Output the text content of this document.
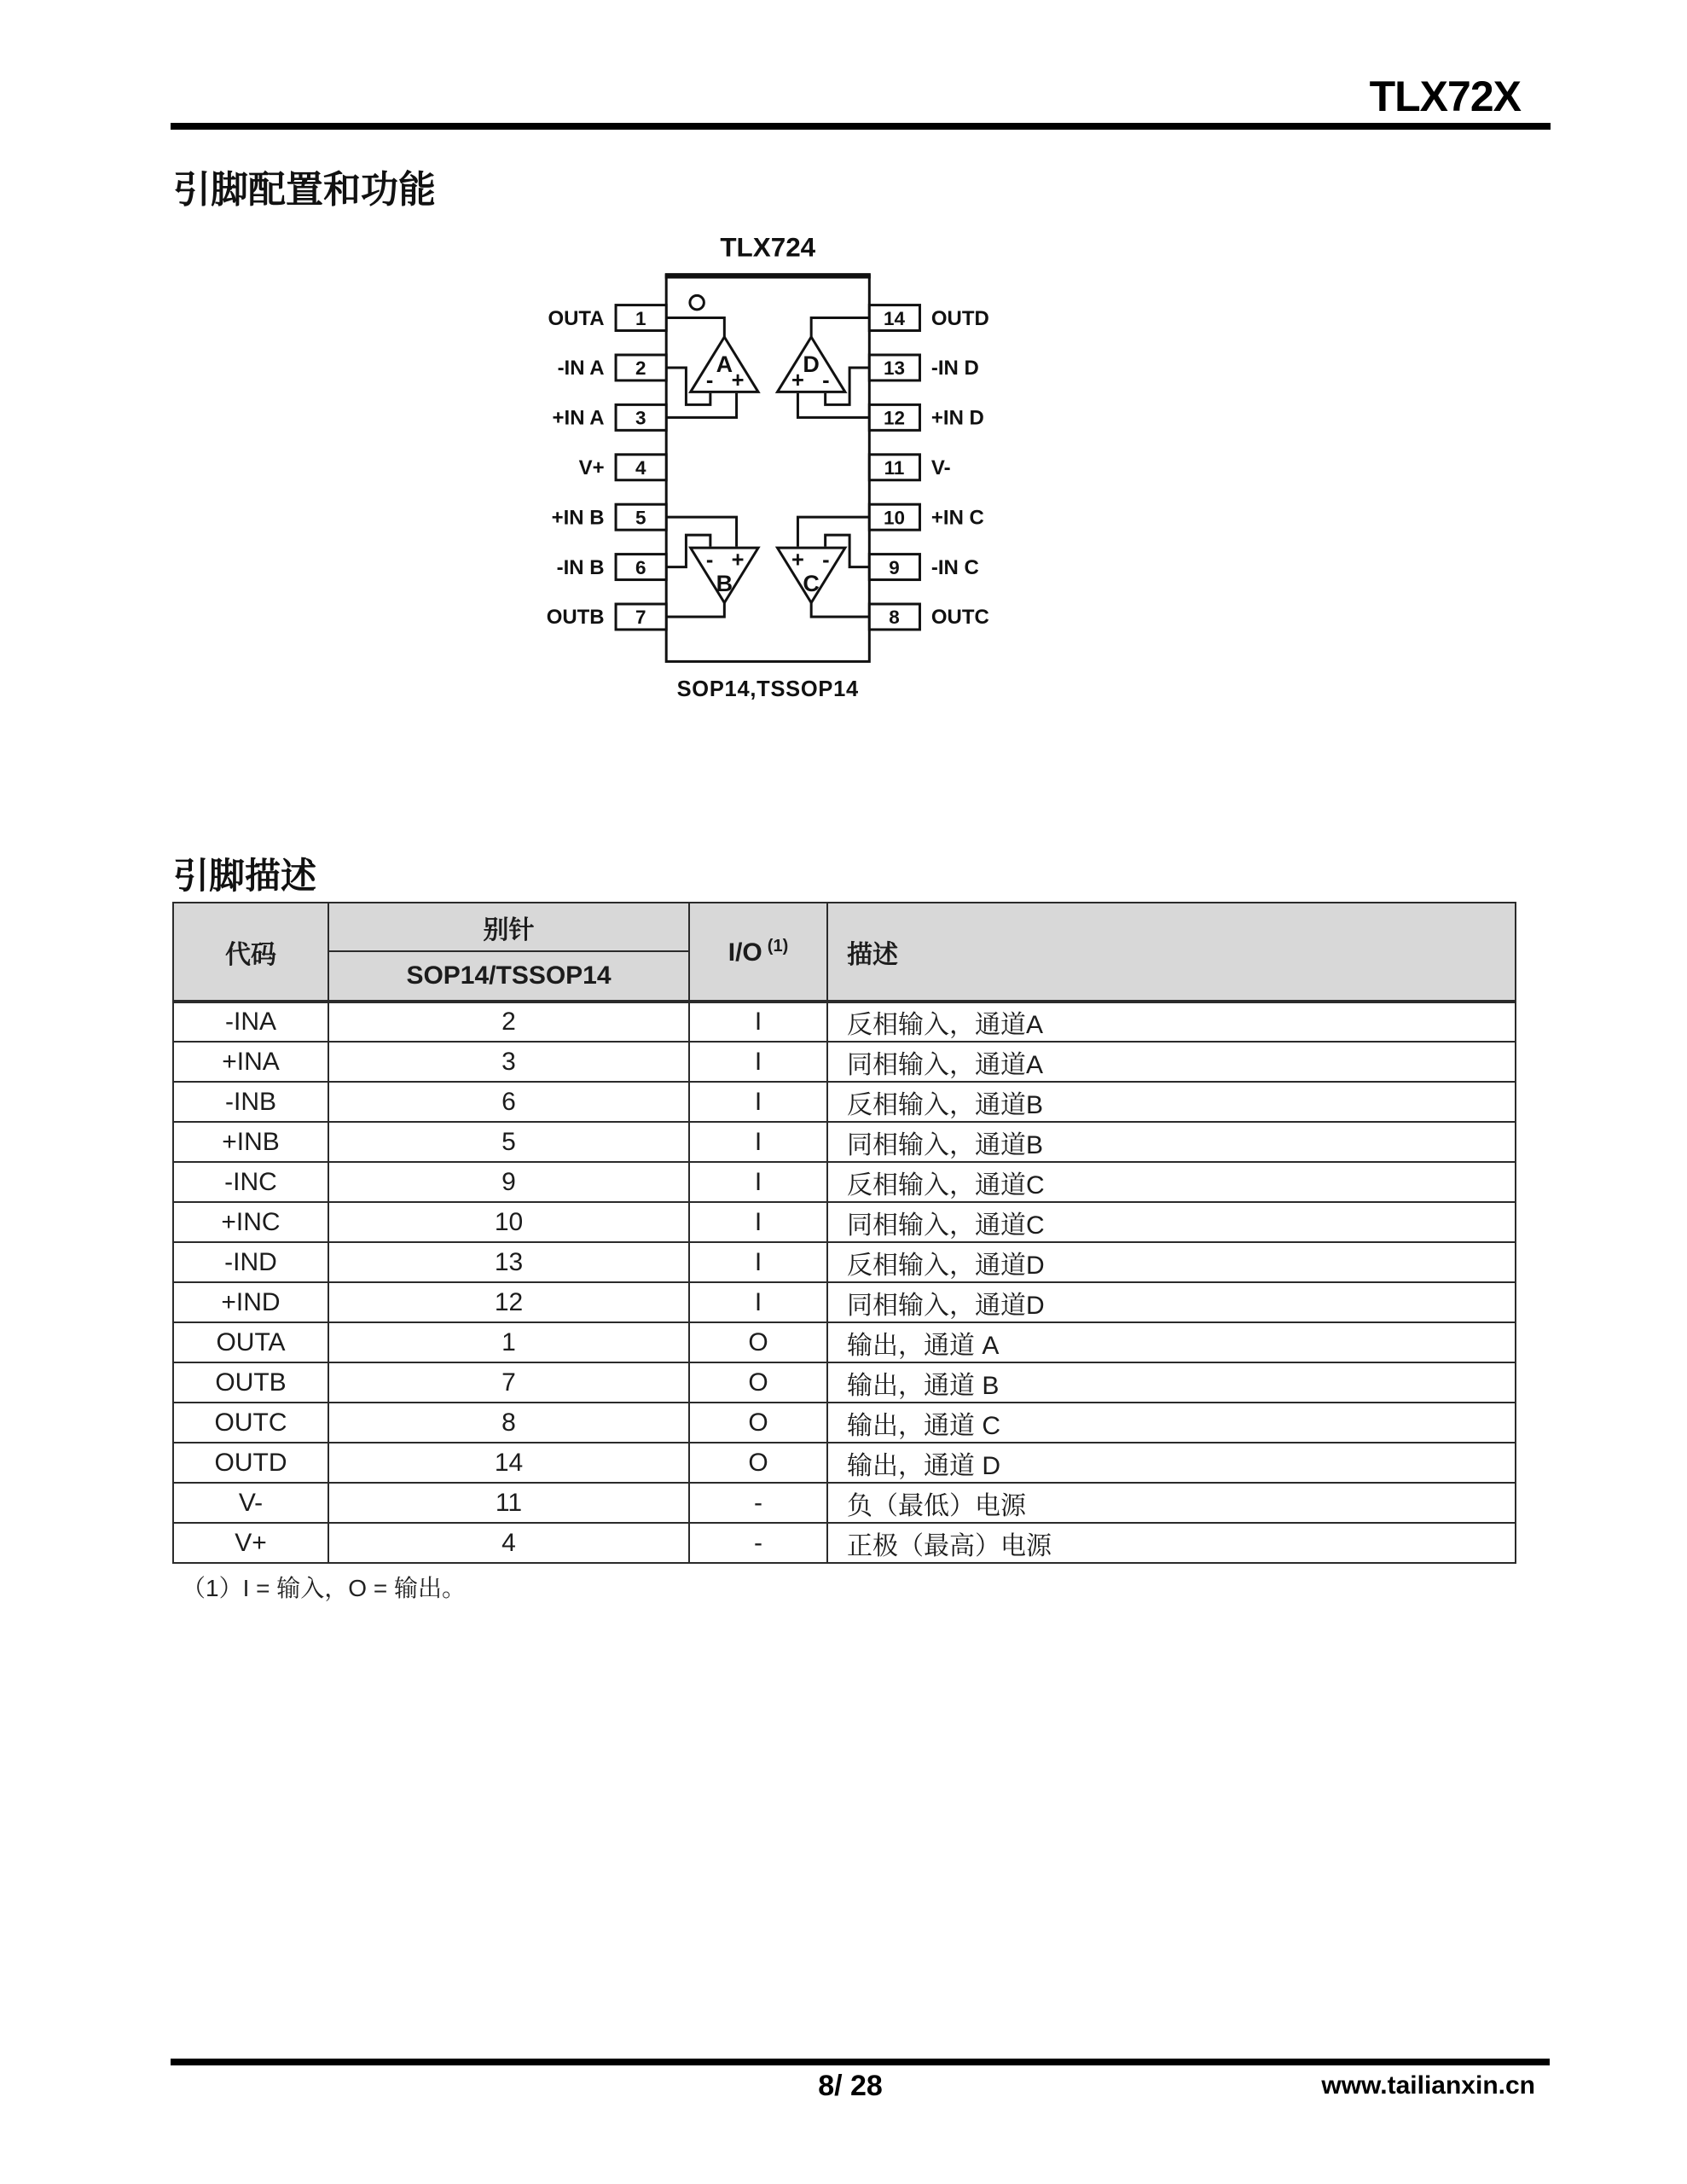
TLX72X
引脚配置和功能
TLX724
SOP14,TSSOP14
1
2
3
4
5
6
7
14
13
12
11
10
9
8
OUTA
-IN A
+IN A
V+
+IN B
-IN B
OUTB
OUTD
-IN D
+IN D
V-
+IN C
-IN C
OUTC
A
- +
D
+ -
B
- +
C
+ -
引脚描述
代码	别针	I/O $^{(1)}$	描述
	SOP14/TSSOP14		
-INA	2	I	反相输入，通道A
+INA	3	I	同相输入，通道A
-INB	6	I	反相输入，通道B
+INB	5	I	同相输入，通道B
-INC	9	I	反相输入，通道C
+INC	10	I	同相输入，通道C
-IND	13	I	反相输入，通道D
+IND	12	I	同相输入，通道D
OUTA	1	O	输出，通道 A
OUTB	7	O	输出，通道 B
OUTC	8	O	输出，通道 C
OUTD	14	O	输出，通道 D
V-	11	-	负（最低）电源
V+	4	-	正极（最高）电源
（1）I = 输入，O = 输出。
8/ 28	www.tailianxin.cn
